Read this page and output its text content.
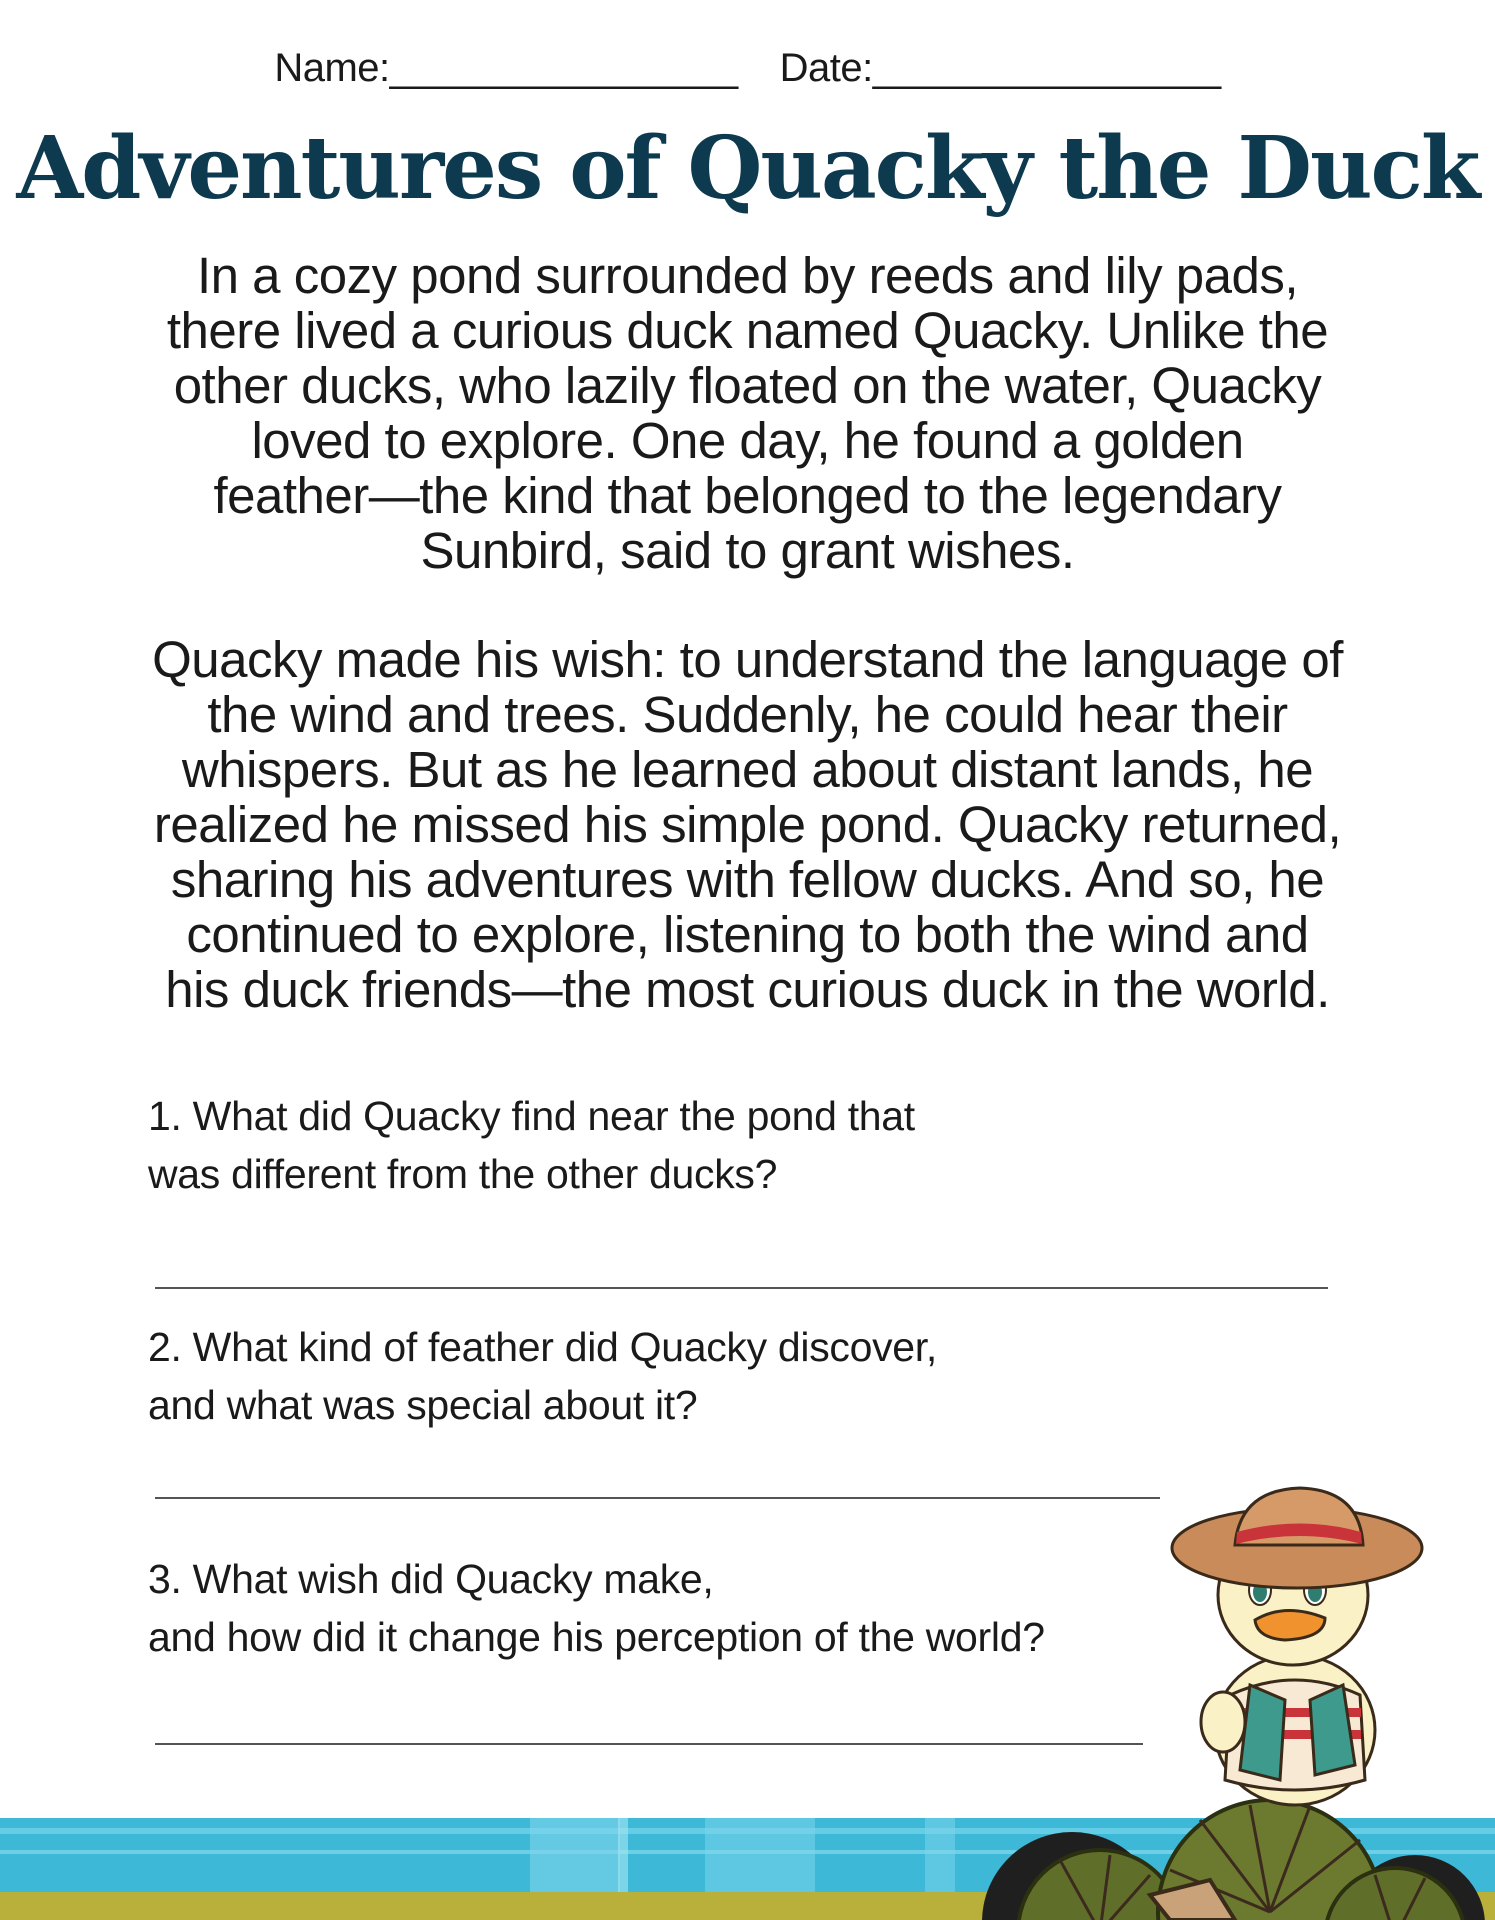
Name:________________ Date:________________
Adventures of Quacky the Duck
In a cozy pond surrounded by reeds and lily pads,
there lived a curious duck named Quacky. Unlike the
other ducks, who lazily floated on the water, Quacky
loved to explore. One day, he found a golden
feather—the kind that belonged to the legendary
Sunbird, said to grant wishes.
Quacky made his wish: to understand the language of
the wind and trees. Suddenly, he could hear their
whispers. But as he learned about distant lands, he
realized he missed his simple pond. Quacky returned,
sharing his adventures with fellow ducks. And so, he
continued to explore, listening to both the wind and
his duck friends—the most curious duck in the world.
1. What did Quacky find near the pond that
was different from the other ducks?
2. What kind of feather did Quacky discover,
and what was special about it?
3. What wish did Quacky make,
and how did it change his perception of the world?
